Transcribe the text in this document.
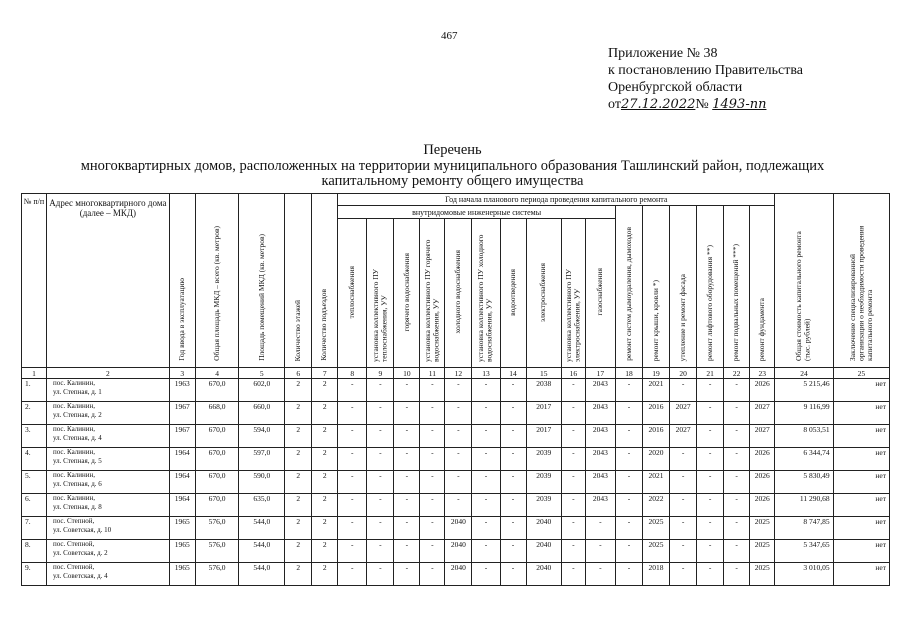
467
Приложение № 38
к постановлению Правительства
Оренбургской области
от27.12.2022№ 1493-пп
Перечень
многоквартирных домов, расположенных на территории муниципального образования Ташлинский район, подлежащих
капитальному ремонту общего имущества
№ п/п	Адрес многоквартирного дома (далее – МКД)	Год ввода в эксплуатацию	Общая площадь МКД – всего (кв. метров)	Площадь помещений МКД (кв. метров)	Количество этажей	Количество подъездов	Год начала планового периода проведения капитального ремонта																Общая стоимость капитального ремонта (тыс. рублей)	Заключение специализированной организации о необходимости проведения капитального ремонта
							внутридомовые инженерные системы										ремонт систем дымоудаления, дымоходов	ремонт крыши, кровли *)	утепление и ремонт фасада	ремонт лифтового оборудования **)	ремонт подвальных помещений ***)	ремонт фундамента		
							теплоснабжения	установка коллективного ПУ теплоснабжения, УУ	горячего водоснабжения	установка коллективного ПУ горячего водоснабжения, УУ	холодного водоснабжения	установка коллективного ПУ холодного водоснабжения, УУ	водоотведения	электроснабжения	установка коллективного ПУ электроснабжения, УУ	газоснабжения								
1	2	3	4	5	6	7	8	9	10	11	12	13	14	15	16	17	18	19	20	21	22	23	24	25
1.	пос. Калинин,
ул. Степная, д. 1	1963	670,0	602,0	2	2	-	-	-	-	-	-	-	2038	-	2043	-	2021	-	-	-	2026	5 215,46	нет
2.	пос. Калинин,
ул. Степная, д. 2	1967	668,0	660,0	2	2	-	-	-	-	-	-	-	2017	-	2043	-	2016	2027	-	-	2027	9 116,99	нет
3.	пос. Калинин,
ул. Степная, д. 4	1967	670,0	594,0	2	2	-	-	-	-	-	-	-	2017	-	2043	-	2016	2027	-	-	2027	8 053,51	нет
4.	пос. Калинин,
ул. Степная, д. 5	1964	670,0	597,0	2	2	-	-	-	-	-	-	-	2039	-	2043	-	2020	-	-	-	2026	6 344,74	нет
5.	пос. Калинин,
ул. Степная, д. 6	1964	670,0	590,0	2	2	-	-	-	-	-	-	-	2039	-	2043	-	2021	-	-	-	2026	5 830,49	нет
6.	пос. Калинин,
ул. Степная, д. 8	1964	670,0	635,0	2	2	-	-	-	-	-	-	-	2039	-	2043	-	2022	-	-	-	2026	11 290,68	нет
7.	пос. Степной,
ул. Советская, д. 10	1965	576,0	544,0	2	2	-	-	-	-	2040	-	-	2040	-	-	-	2025	-	-	-	2025	8 747,85	нет
8.	пос. Степной,
ул. Советская, д. 2	1965	576,0	544,0	2	2	-	-	-	-	2040	-	-	2040	-	-	-	2025	-	-	-	2025	5 347,65	нет
9.	пос. Степной,
ул. Советская, д. 4	1965	576,0	544,0	2	2	-	-	-	-	2040	-	-	2040	-	-	-	2018	-	-	-	2025	3 010,05	нет
